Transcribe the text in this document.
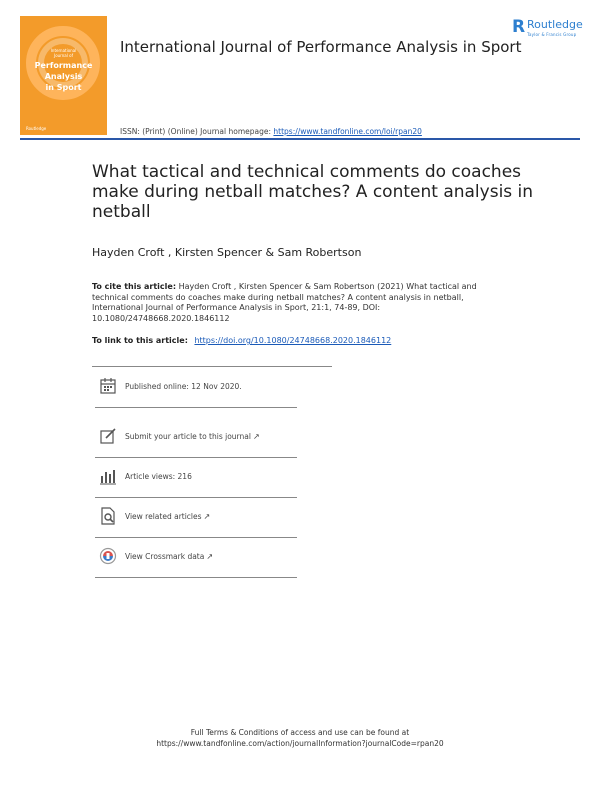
International
Journal of
Performance
Analysis
in Sport
Routledge
International Journal of Performance Analysis in Sport
R Routledge
Taylor & Francis Group
ISSN: (Print) (Online) Journal homepage: https://www.tandfonline.com/loi/rpan20
What tactical and technical comments do coaches make during netball matches? A content analysis in netball
Hayden Croft , Kirsten Spencer & Sam Robertson
To cite this article: Hayden Croft , Kirsten Spencer & Sam Robertson (2021) What tactical and technical comments do coaches make during netball matches? A content analysis in netball, International Journal of Performance Analysis in Sport, 21:1, 74-89, DOI: 10.1080/24748668.2020.1846112
To link to this article: https://doi.org/10.1080/24748668.2020.1846112
Published online: 12 Nov 2020.
Submit your article to this journal ↗
Article views: 216
View related articles ↗
View Crossmark data ↗
Full Terms & Conditions of access and use can be found at
https://www.tandfonline.com/action/journalInformation?journalCode=rpan20
